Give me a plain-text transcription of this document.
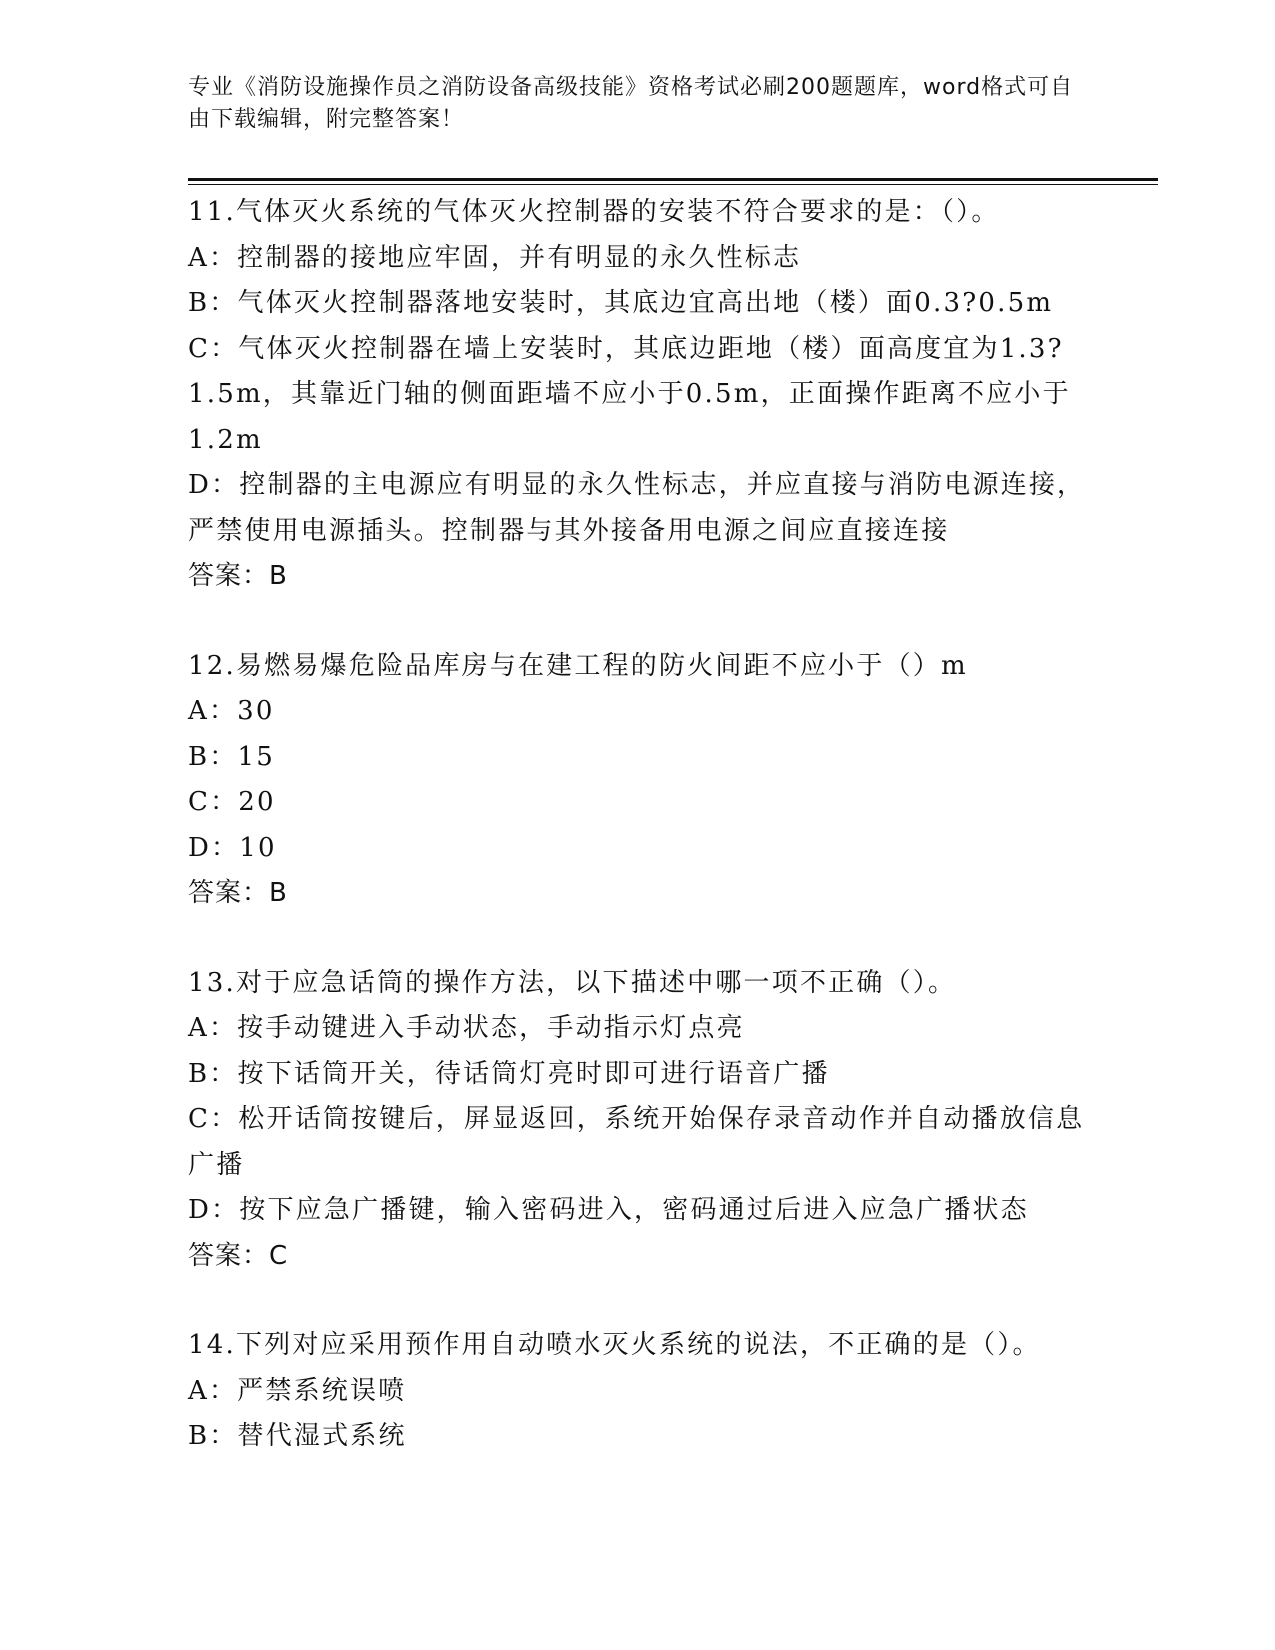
专业《消防设施操作员之消防设备高级技能》资格考试必刷200题题库，word格式可自由下载编辑，附完整答案！
11.气体灭火系统的气体灭火控制器的安装不符合要求的是：（）。
A：控制器的接地应牢固，并有明显的永久性标志
B：气体灭火控制器落地安装时，其底边宜高出地（楼）面0.3?0.5m
C：气体灭火控制器在墙上安装时，其底边距地（楼）面高度宜为1.3?1.5m，其靠近门轴的侧面距墙不应小于0.5m，正面操作距离不应小于1.2m
D：控制器的主电源应有明显的永久性标志，并应直接与消防电源连接，严禁使用电源插头。控制器与其外接备用电源之间应直接连接
答案：B
12.易燃易爆危险品库房与在建工程的防火间距不应小于（）m
A：30
B：15
C：20
D：10
答案：B
13.对于应急话筒的操作方法，以下描述中哪一项不正确（）。
A：按手动键进入手动状态，手动指示灯点亮
B：按下话筒开关，待话筒灯亮时即可进行语音广播
C：松开话筒按键后，屏显返回，系统开始保存录音动作并自动播放信息广播
D：按下应急广播键，输入密码进入，密码通过后进入应急广播状态
答案：C
14.下列对应采用预作用自动喷水灭火系统的说法，不正确的是（）。
A：严禁系统误喷
B：替代湿式系统
